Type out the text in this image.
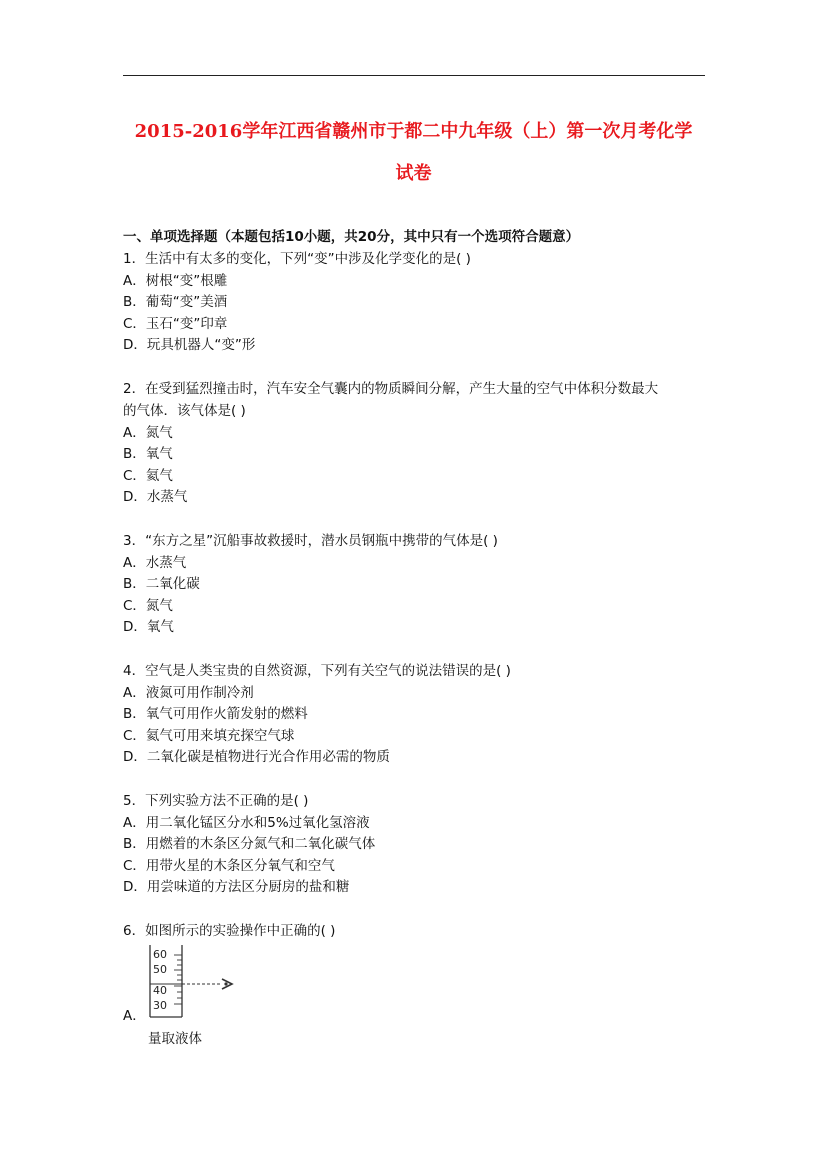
2015-2016学年江西省赣州市于都二中九年级（上）第一次月考化学
试卷
一、单项选择题（本题包括10小题，共20分，其中只有一个选项符合题意）
1．生活中有太多的变化，下列“变”中涉及化学变化的是( )
A．树根“变”根雕
B．葡萄“变”美酒
C．玉石“变”印章
D．玩具机器人“变”形
2．在受到猛烈撞击时，汽车安全气囊内的物质瞬间分解，产生大量的空气中体积分数最大
的气体．该气体是( )
A．氮气
B．氧气
C．氦气
D．水蒸气
3．“东方之星”沉船事故救援时，潜水员钢瓶中携带的气体是( )
A．水蒸气
B．二氧化碳
C．氮气
D．氧气
4．空气是人类宝贵的自然资源，下列有关空气的说法错误的是( )
A．液氮可用作制冷剂
B．氧气可用作火箭发射的燃料
C．氦气可用来填充探空气球
D．二氧化碳是植物进行光合作用必需的物质
5．下列实验方法不正确的是( )
A．用二氧化锰区分水和5%过氧化氢溶液
B．用燃着的木条区分氮气和二氧化碳气体
C．用带火星的木条区分氧气和空气
D．用尝味道的方法区分厨房的盐和糖
6．如图所示的实验操作中正确的( )
A．
60
50
40
30
量取液体
